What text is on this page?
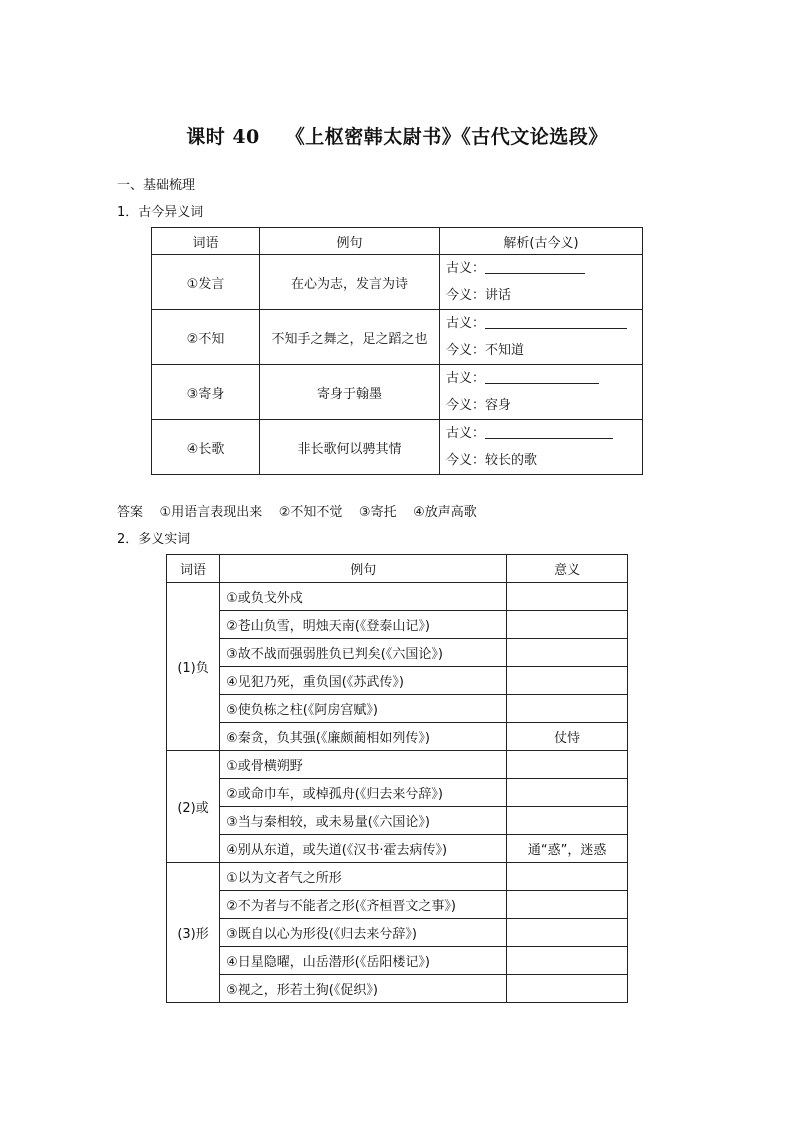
课时 40 《上枢密韩太尉书》《古代文论选段》
一、基础梳理
1．古今异义词
词语	例句	解析(古今义)
①发言	在心为志，发言为诗	古义：
今义：讲话

②不知	不知手之舞之，足之蹈之也	古义：
今义：不知道

③寄身	寄身于翰墨	古义：
今义：容身

④长歌	非长歌何以骋其情	古义：
今义：较长的歌
答案 ①用语言表现出来 ②不知不觉 ③寄托 ④放声高歌
2．多义实词
词语	例句	意义
(1)负	①或负戈外戍	
	②苍山负雪，明烛天南(《登泰山记》)	
	③故不战而强弱胜负已判矣(《六国论》)	
	④见犯乃死，重负国(《苏武传》)	
	⑤使负栋之柱(《阿房宫赋》)	
	⑥秦贪，负其强(《廉颇蔺相如列传》)	仗恃
(2)或	①或骨横朔野	
	②或命巾车，或棹孤舟(《归去来兮辞》)	
	③当与秦相较，或未易量(《六国论》)	
	④别从东道，或失道(《汉书·霍去病传》)	通“惑”，迷惑
(3)形	①以为文者气之所形	
	②不为者与不能者之形(《齐桓晋文之事》)	
	③既自以心为形役(《归去来兮辞》)	
	④日星隐曜，山岳潜形(《岳阳楼记》)	
	⑤视之，形若土狗(《促织》)	
